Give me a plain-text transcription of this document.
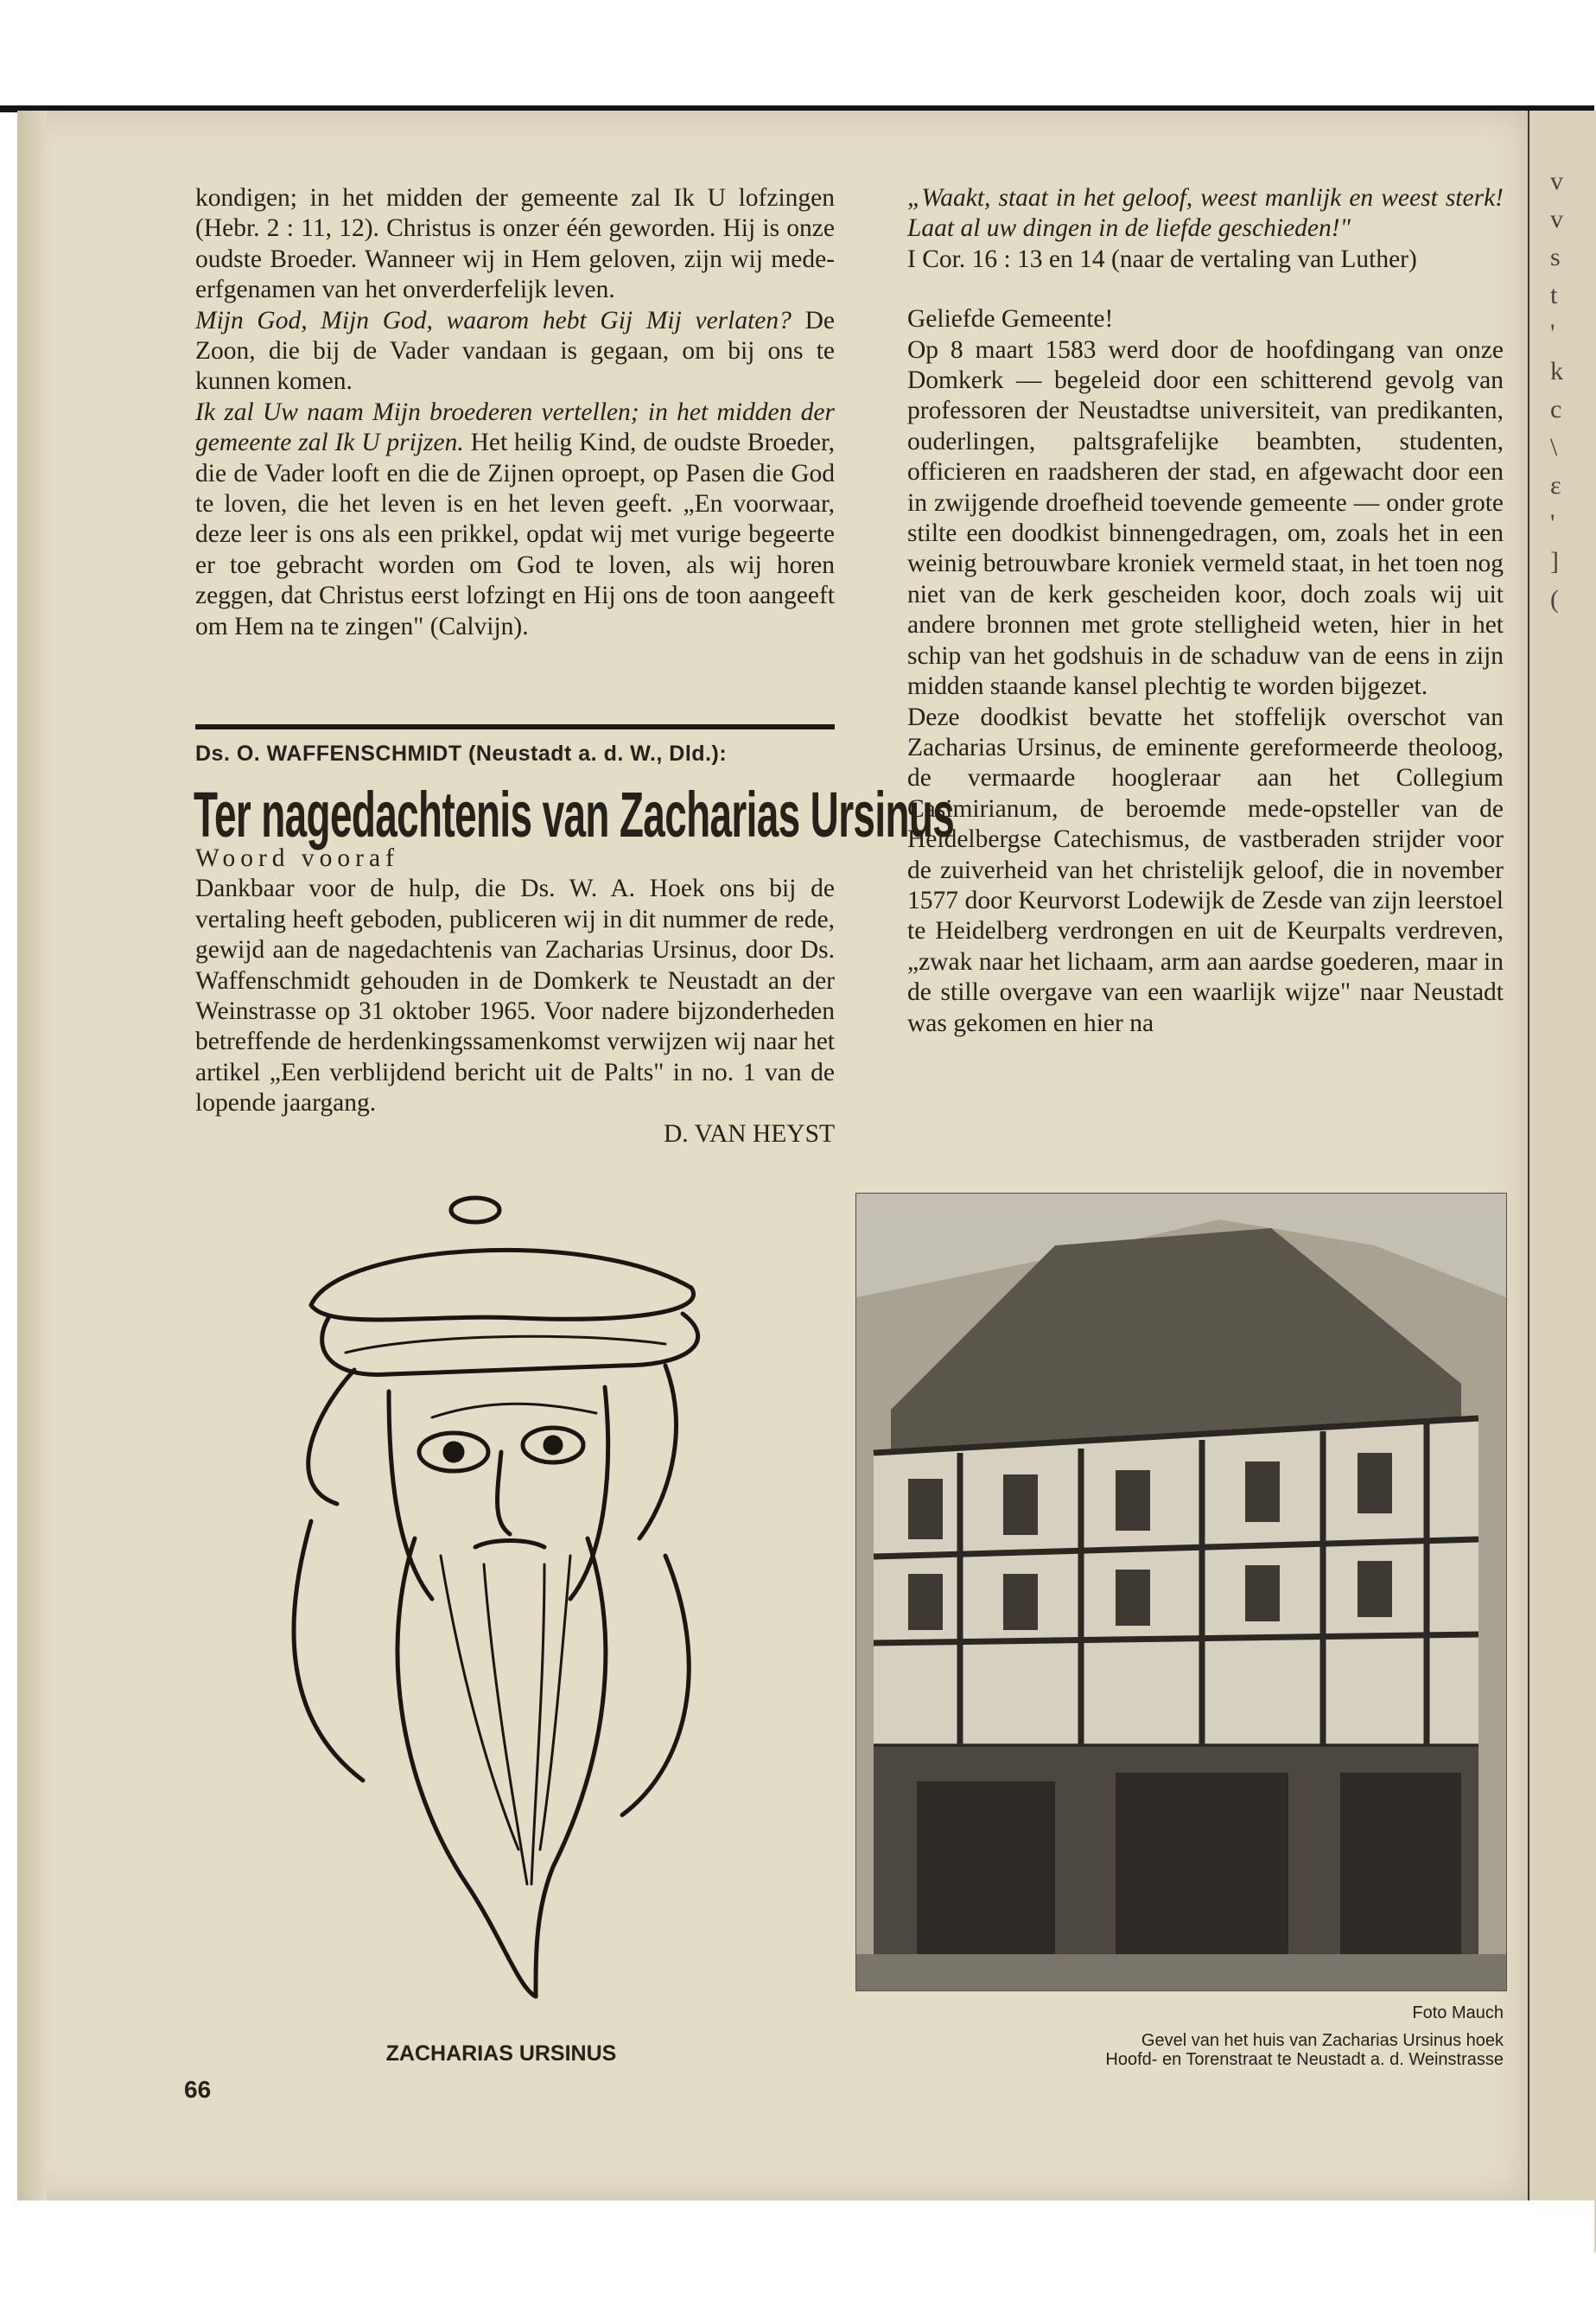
v
v
s
t
'
k
c
\
ε
'
]
(

kondigen; in het midden der gemeente zal Ik U lofzingen (Hebr. 2 : 11, 12). Christus is onzer één geworden. Hij is onze oudste Broeder. Wanneer wij in Hem geloven, zijn wij mede-erfgenamen van het onverderfelijk leven.

Mijn God, Mijn God, waarom hebt Gij Mij verlaten? De Zoon, die bij de Vader vandaan is gegaan, om bij ons te kunnen komen.

Ik zal Uw naam Mijn broederen vertellen; in het midden der gemeente zal Ik U prijzen. Het heilig Kind, de oudste Broeder, die de Vader looft en die de Zijnen oproept, op Pasen die God te loven, die het leven is en het leven geeft. „En voorwaar, deze leer is ons als een prikkel, opdat wij met vurige begeerte er toe gebracht worden om God te loven, als wij horen zeggen, dat Christus eerst lofzingt en Hij ons de toon aangeeft om Hem na te zingen" (Calvijn).

Ds. O. WAFFENSCHMIDT (Neustadt a. d. W., Dld.):
Ter nagedachtenis van Zacharias Ursinus

Woord vooraf

Dankbaar voor de hulp, die Ds. W. A. Hoek ons bij de vertaling heeft geboden, publiceren wij in dit nummer de rede, gewijd aan de nagedachtenis van Zacharias Ursinus, door Ds. Waffenschmidt gehouden in de Domkerk te Neustadt an der Weinstrasse op 31 oktober 1965. Voor nadere bijzonderheden betreffende de herdenkingssamenkomst verwijzen wij naar het artikel „Een verblijdend bericht uit de Palts" in no. 1 van de lopende jaargang.

D. VAN HEYST

„Waakt, staat in het geloof, weest manlijk en weest sterk! Laat al uw dingen in de liefde geschieden!"

I Cor. 16 : 13 en 14 (naar de vertaling van Luther)

Geliefde Gemeente!

Op 8 maart 1583 werd door de hoofdingang van onze Domkerk — begeleid door een schitterend gevolg van professoren der Neustadtse universiteit, van predikanten, ouderlingen, paltsgrafelijke beambten, studenten, officieren en raadsheren der stad, en afgewacht door een in zwijgende droefheid toevende gemeente — onder grote stilte een doodkist binnengedragen, om, zoals het in een weinig betrouwbare kroniek vermeld staat, in het toen nog niet van de kerk gescheiden koor, doch zoals wij uit andere bronnen met grote stelligheid weten, hier in het schip van het godshuis in de schaduw van de eens in zijn midden staande kansel plechtig te worden bijgezet.

Deze doodkist bevatte het stoffelijk overschot van Zacharias Ursinus, de eminente gereformeerde theoloog, de vermaarde hoogleraar aan het Collegium Casimirianum, de beroemde mede-opsteller van de Heidelbergse Catechismus, de vastberaden strijder voor de zuiverheid van het christelijk geloof, die in november 1577 door Keurvorst Lodewijk de Zesde van zijn leerstoel te Heidelberg verdrongen en uit de Keurpalts verdreven, „zwak naar het lichaam, arm aan aardse goederen, maar in de stille overgave van een waarlijk wijze" naar Neustadt was gekomen en hier na

ZACHARIAS URSINUS
66
Foto Mauch
Gevel van het huis van Zacharias Ursinus hoek
Hoofd- en Torenstraat te Neustadt a. d. Weinstrasse
